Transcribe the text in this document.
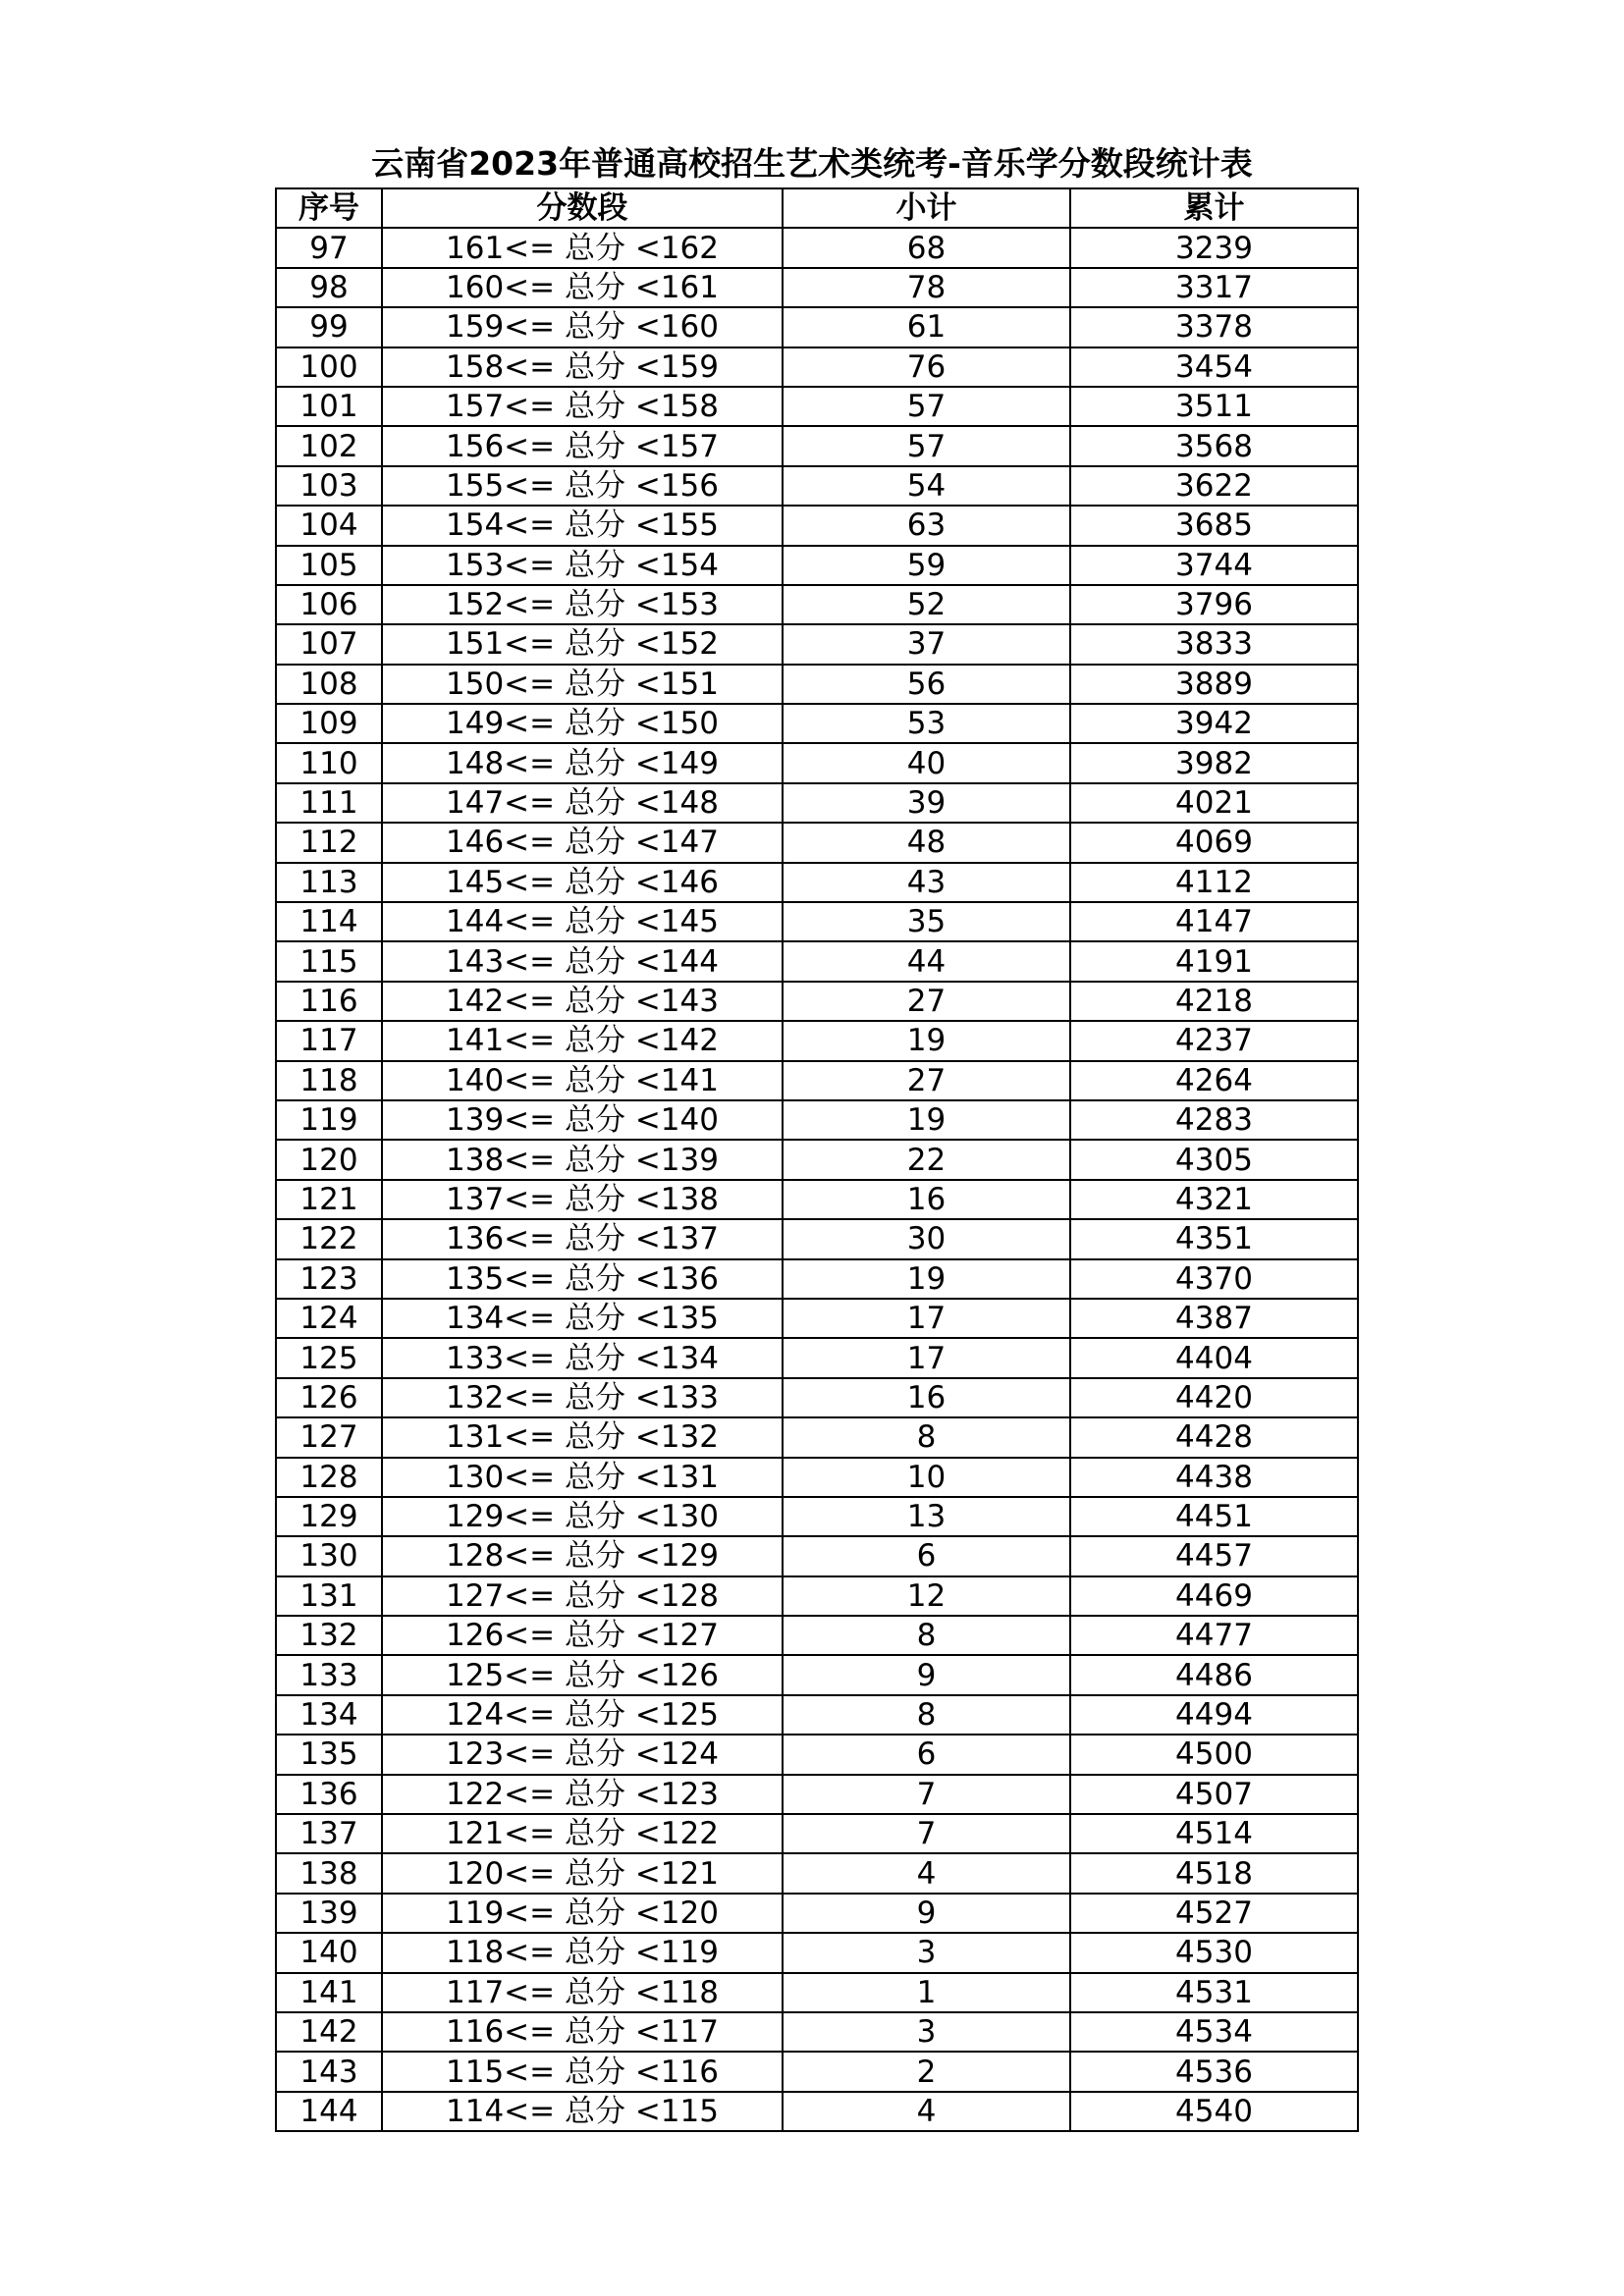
云南省2023年普通高校招生艺术类统考-音乐学分数段统计表
序号	分数段	小计	累计
97	161<= 总分 <162	68	3239
98	160<= 总分 <161	78	3317
99	159<= 总分 <160	61	3378
100	158<= 总分 <159	76	3454
101	157<= 总分 <158	57	3511
102	156<= 总分 <157	57	3568
103	155<= 总分 <156	54	3622
104	154<= 总分 <155	63	3685
105	153<= 总分 <154	59	3744
106	152<= 总分 <153	52	3796
107	151<= 总分 <152	37	3833
108	150<= 总分 <151	56	3889
109	149<= 总分 <150	53	3942
110	148<= 总分 <149	40	3982
111	147<= 总分 <148	39	4021
112	146<= 总分 <147	48	4069
113	145<= 总分 <146	43	4112
114	144<= 总分 <145	35	4147
115	143<= 总分 <144	44	4191
116	142<= 总分 <143	27	4218
117	141<= 总分 <142	19	4237
118	140<= 总分 <141	27	4264
119	139<= 总分 <140	19	4283
120	138<= 总分 <139	22	4305
121	137<= 总分 <138	16	4321
122	136<= 总分 <137	30	4351
123	135<= 总分 <136	19	4370
124	134<= 总分 <135	17	4387
125	133<= 总分 <134	17	4404
126	132<= 总分 <133	16	4420
127	131<= 总分 <132	8	4428
128	130<= 总分 <131	10	4438
129	129<= 总分 <130	13	4451
130	128<= 总分 <129	6	4457
131	127<= 总分 <128	12	4469
132	126<= 总分 <127	8	4477
133	125<= 总分 <126	9	4486
134	124<= 总分 <125	8	4494
135	123<= 总分 <124	6	4500
136	122<= 总分 <123	7	4507
137	121<= 总分 <122	7	4514
138	120<= 总分 <121	4	4518
139	119<= 总分 <120	9	4527
140	118<= 总分 <119	3	4530
141	117<= 总分 <118	1	4531
142	116<= 总分 <117	3	4534
143	115<= 总分 <116	2	4536
144	114<= 总分 <115	4	4540
